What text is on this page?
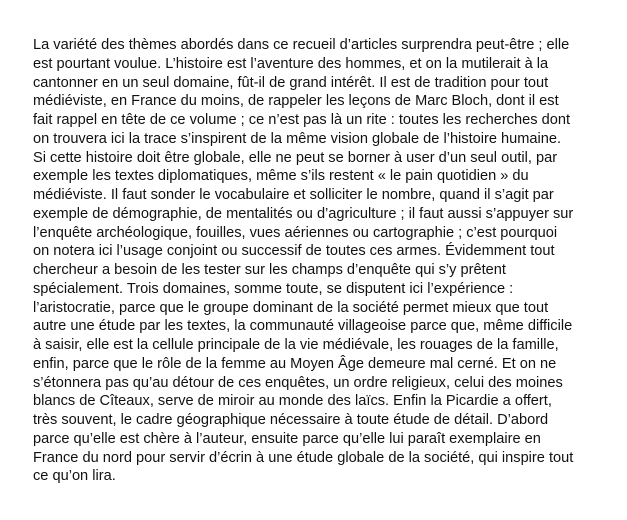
La variété des thèmes abordés dans ce recueil d’articles surprendra peut-être ; elle

est pourtant voulue. L’histoire est l’aventure des hommes, et on la mutilerait à la

cantonner en un seul domaine, fût-il de grand intérêt. Il est de tradition pour tout

médiéviste, en France du moins, de rappeler les leçons de Marc Bloch, dont il est

fait rappel en tête de ce volume ; ce n’est pas là un rite : toutes les recherches dont

on trouvera ici la trace s’inspirent de la même vision globale de l’histoire humaine.

Si cette histoire doit être globale, elle ne peut se borner à user d’un seul outil, par

exemple les textes diplomatiques, même s’ils restent « le pain quotidien » du

médiéviste. Il faut sonder le vocabulaire et solliciter le nombre, quand il s’agit par

exemple de démographie, de mentalités ou d’agriculture ; il faut aussi s’appuyer sur

l’enquête archéologique, fouilles, vues aériennes ou cartographie ; c’est pourquoi

on notera ici l’usage conjoint ou successif de toutes ces armes. Évidemment tout

chercheur a besoin de les tester sur les champs d’enquête qui s’y prêtent

spécialement. Trois domaines, somme toute, se disputent ici l’expérience :

l’aristocratie, parce que le groupe dominant de la société permet mieux que tout

autre une étude par les textes, la communauté villageoise parce que, même difficile

à saisir, elle est la cellule principale de la vie médiévale, les rouages de la famille,

enfin, parce que le rôle de la femme au Moyen Âge demeure mal cerné. Et on ne

s’étonnera pas qu’au détour de ces enquêtes, un ordre religieux, celui des moines

blancs de Cîteaux, serve de miroir au monde des laïcs. Enfin la Picardie a offert,

très souvent, le cadre géographique nécessaire à toute étude de détail. D’abord

parce qu’elle est chère à l’auteur, ensuite parce qu’elle lui paraît exemplaire en

France du nord pour servir d’écrin à une étude globale de la société, qui inspire tout

ce qu’on lira.
